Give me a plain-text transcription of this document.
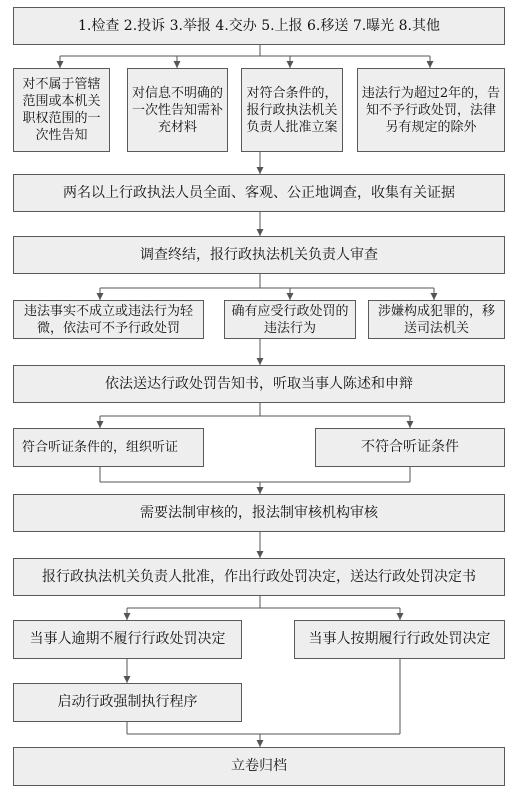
1.检查 2.投诉 3.举报 4.交办 5.上报 6.移送 7.曝光 8.其他
对不属于管辖范围或本机关职权范围的一次性告知
对信息不明确的一次性告知需补充材料
对符合条件的，报行政执法机关负责人批准立案
违法行为超过2年的，告知不予行政处罚，法律另有规定的除外
两名以上行政执法人员全面、客观、公正地调查，收集有关证据
调查终结，报行政执法机关负责人审查
违法事实不成立或违法行为轻微，依法可不予行政处罚
确有应受行政处罚的违法行为
涉嫌构成犯罪的，移送司法机关
依法送达行政处罚告知书，听取当事人陈述和申辩
符合听证条件的，组织听证	不符合听证条件
需要法制审核的，报法制审核机构审核
报行政执法机关负责人批准，作出行政处罚决定，送达行政处罚决定书
当事人逾期不履行行政处罚决定	当事人按期履行行政处罚决定
启动行政强制执行程序
立卷归档
